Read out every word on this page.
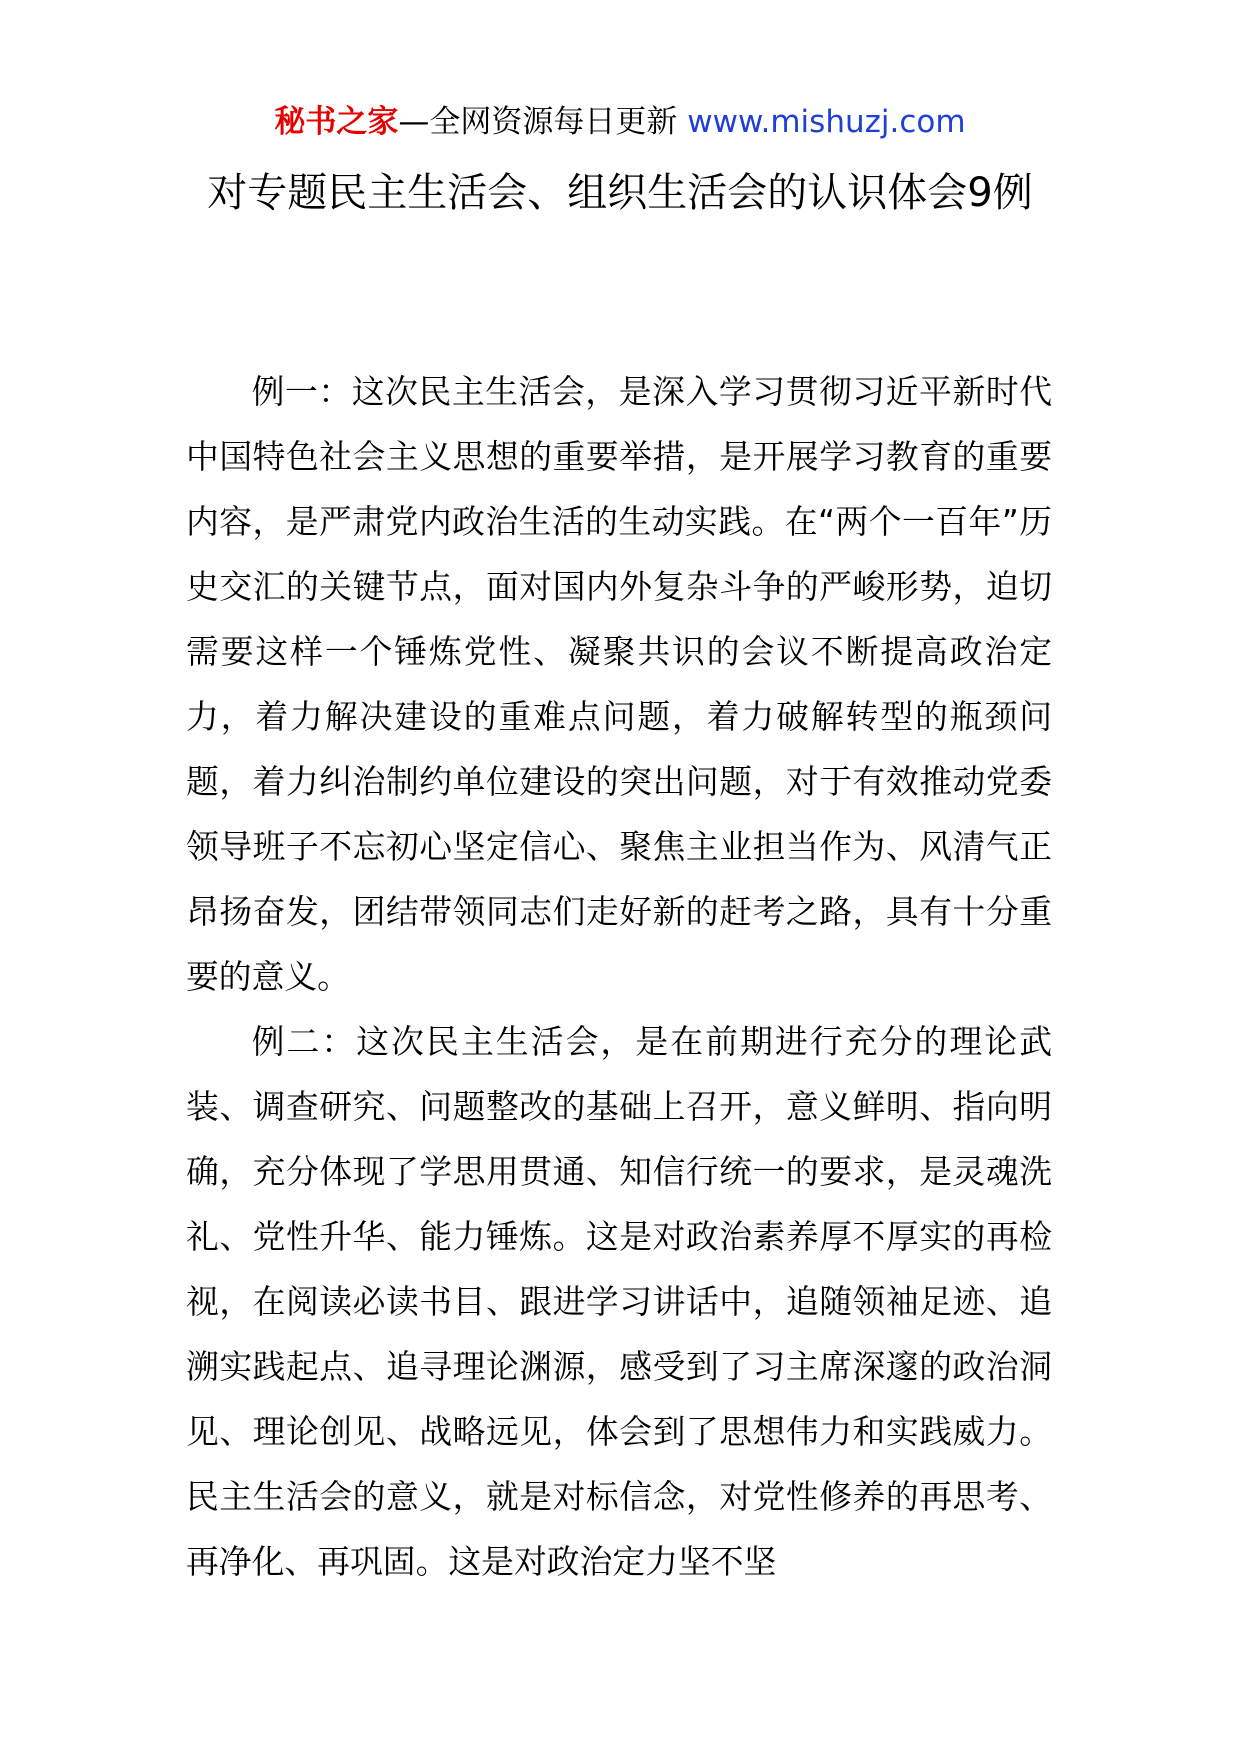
秘书之家—全网资源每日更新 www.mishuzj.com
对专题民主生活会、组织生活会的认识体会9例

例一：这次民主生活会，是深入学习贯彻习近平新时代中国特色社会主义思想的重要举措，是开展学习教育的重要内容，是严肃党内政治生活的生动实践。在“两个一百年”历史交汇的关键节点，面对国内外复杂斗争的严峻形势，迫切需要这样一个锤炼党性、凝聚共识的会议不断提高政治定力，着力解决建设的重难点问题，着力破解转型的瓶颈问题，着力纠治制约单位建设的突出问题，对于有效推动党委领导班子不忘初心坚定信心、聚焦主业担当作为、风清气正昂扬奋发，团结带领同志们走好新的赶考之路，具有十分重要的意义。

例二：这次民主生活会，是在前期进行充分的理论武装、调查研究、问题整改的基础上召开，意义鲜明、指向明确，充分体现了学思用贯通、知信行统一的要求，是灵魂洗礼、党性升华、能力锤炼。这是对政治素养厚不厚实的再检视，在阅读必读书目、跟进学习讲话中，追随领袖足迹、追溯实践起点、追寻理论渊源，感受到了习主席深邃的政治洞见、理论创见、战略远见，体会到了思想伟力和实践威力。民主生活会的意义，就是对标信念，对党性修养的再思考、再净化、再巩固。这是对政治定力坚不坚
